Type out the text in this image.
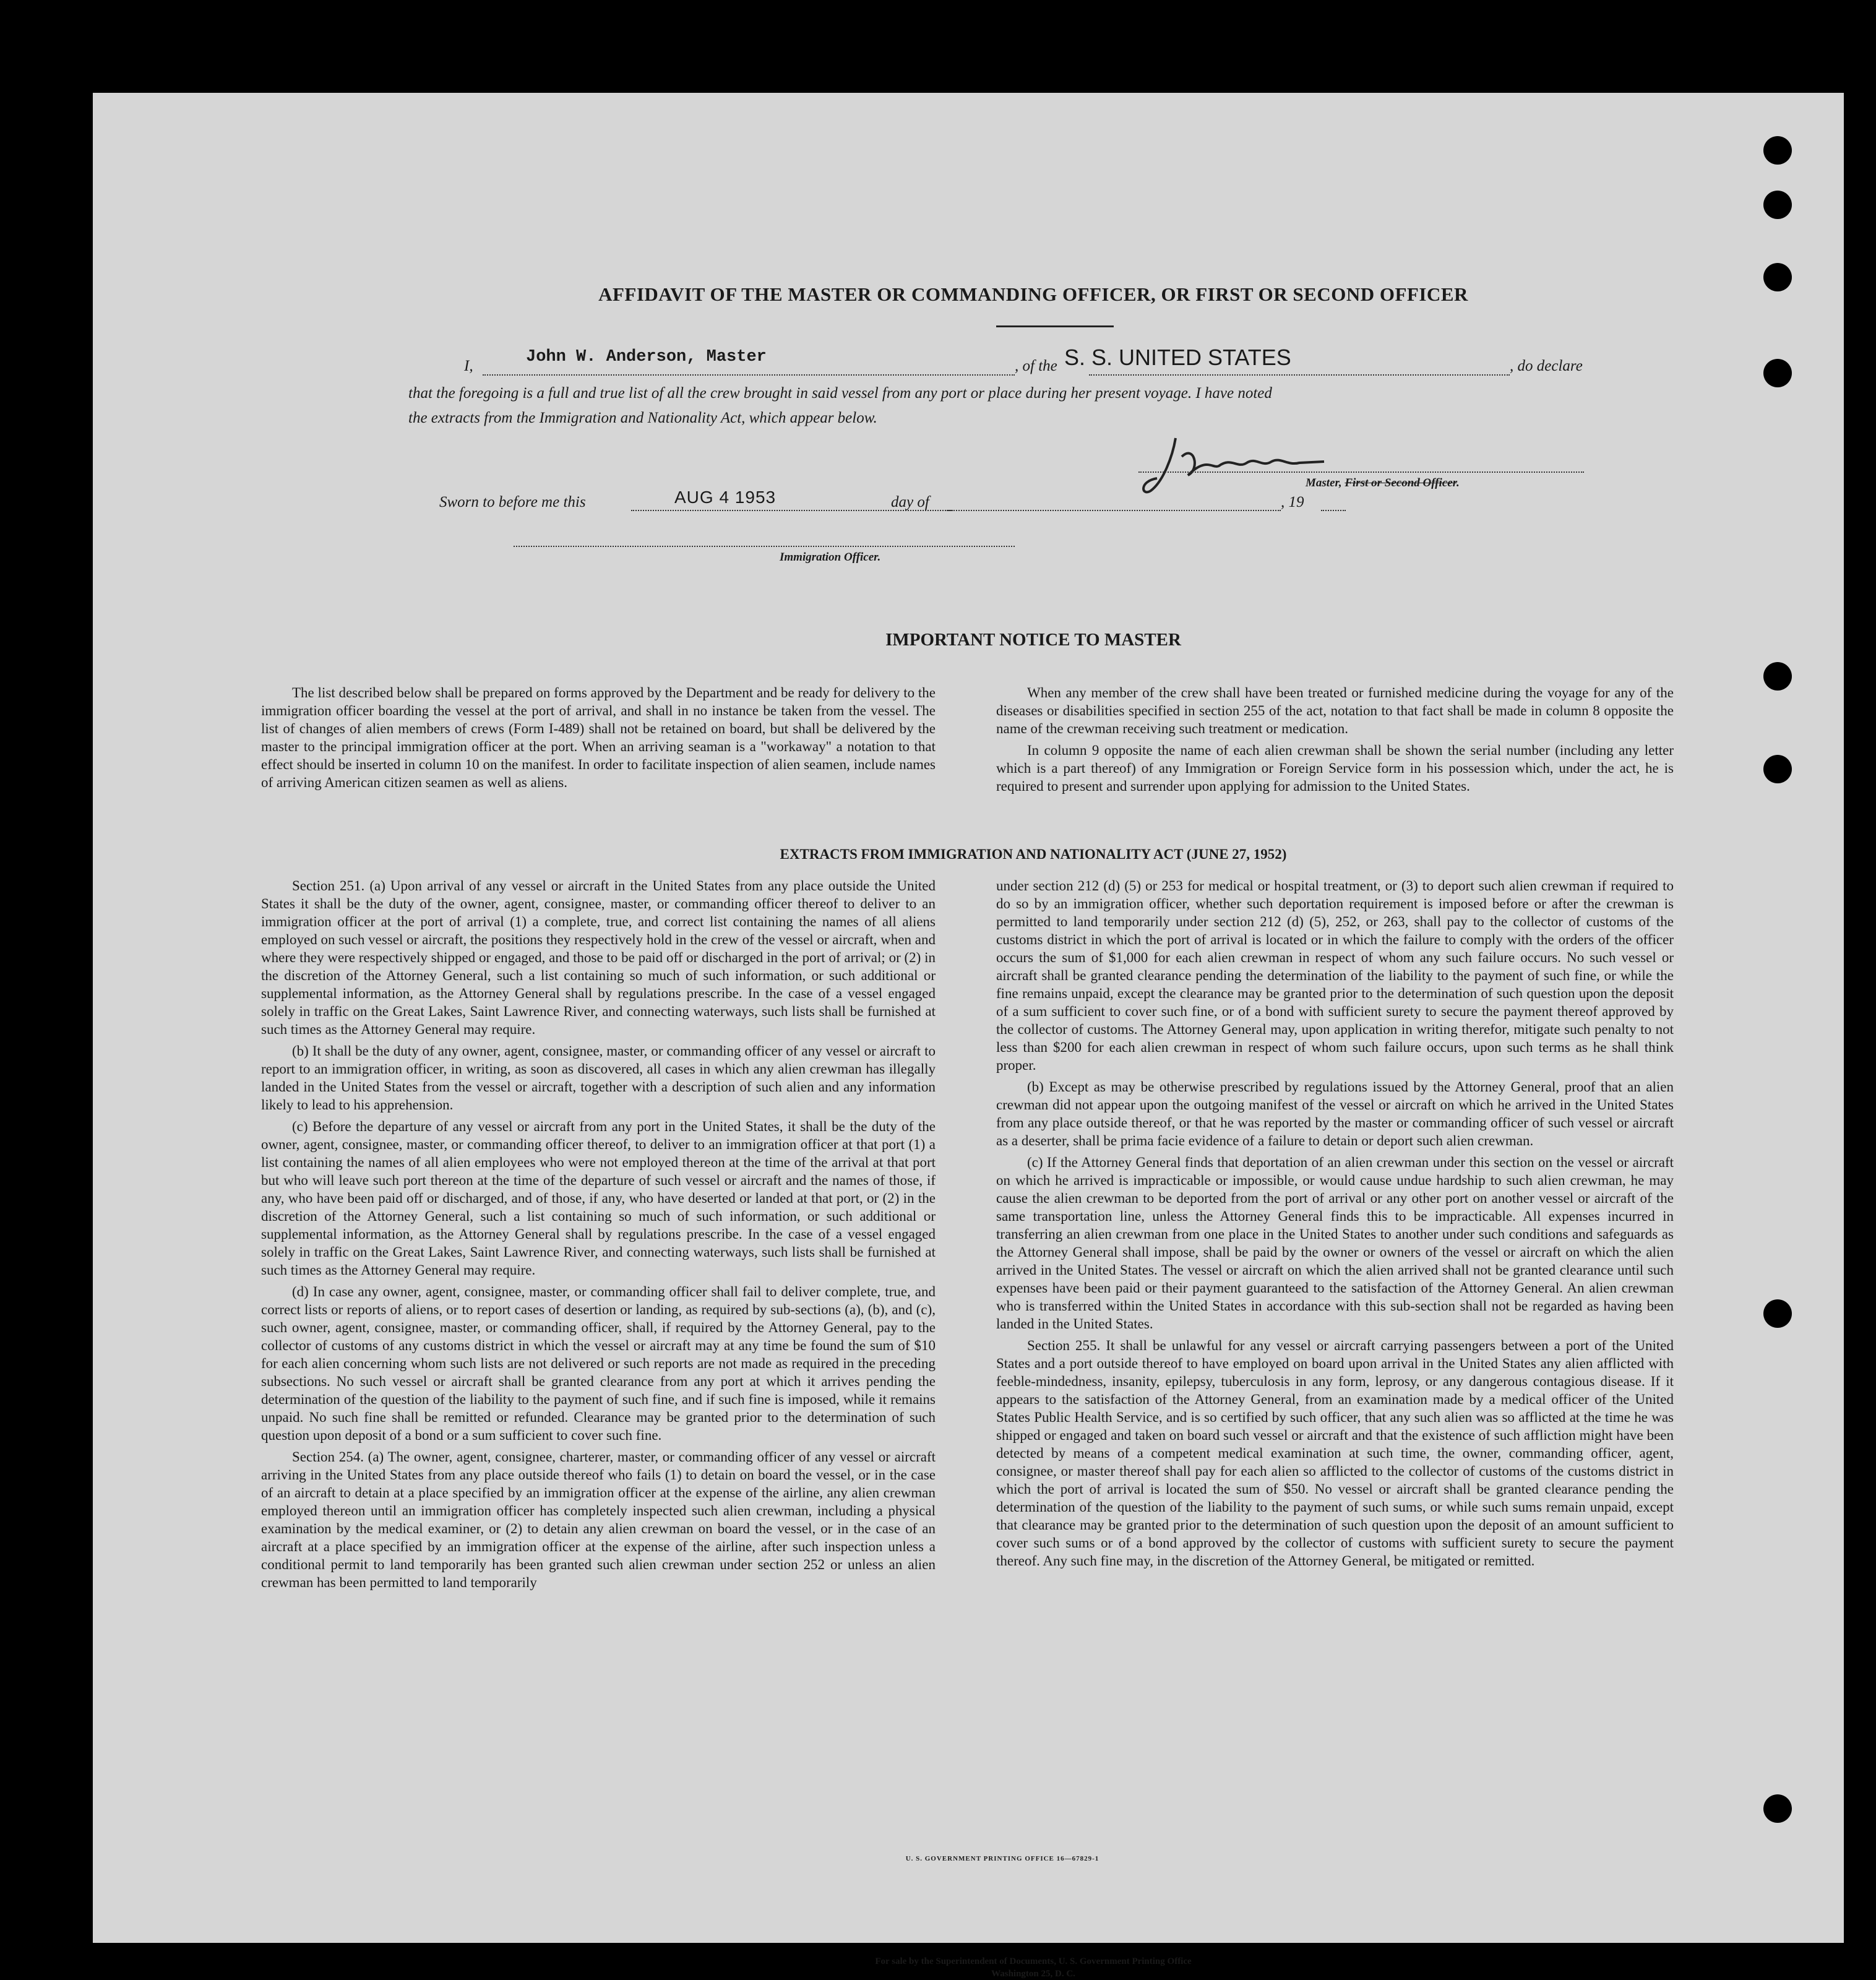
AFFIDAVIT OF THE MASTER OR COMMANDING OFFICER, OR FIRST OR SECOND OFFICER
I,	John W. Anderson, Master	, of the S. S. UNITED STATES	, do declare
that the foregoing is a full and true list of all the crew brought in said vessel from any port or place during her present voyage. I have noted
the extracts from the Immigration and Nationality Act, which appear below.
Master, First or Second Officer.
Sworn to before me this	AUG 4 1953	day of	, 19
Immigration Officer.
IMPORTANT NOTICE TO MASTER

The list described below shall be prepared on forms approved by the Department and be ready for delivery to the immigration officer boarding the vessel at the port of arrival, and shall in no instance be taken from the vessel. The list of changes of alien members of crews (Form I-489) shall not be retained on board, but shall be delivered by the master to the principal immigration officer at the port. When an arriving seaman is a "workaway" a notation to that effect should be inserted in column 10 on the manifest. In order to facilitate inspection of alien seamen, include names of arriving American citizen seamen as well as aliens.

When any member of the crew shall have been treated or furnished medicine during the voyage for any of the diseases or disabilities specified in section 255 of the act, notation to that fact shall be made in column 8 opposite the name of the crewman receiving such treatment or medication.

In column 9 opposite the name of each alien crewman shall be shown the serial number (including any letter which is a part thereof) of any Immigration or Foreign Service form in his possession which, under the act, he is required to present and surrender upon applying for admission to the United States.

EXTRACTS FROM IMMIGRATION AND NATIONALITY ACT (JUNE 27, 1952)

Section 251. (a) Upon arrival of any vessel or aircraft in the United States from any place outside the United States it shall be the duty of the owner, agent, consignee, master, or commanding officer thereof to deliver to an immigration officer at the port of arrival (1) a complete, true, and correct list containing the names of all aliens employed on such vessel or aircraft, the positions they respectively hold in the crew of the vessel or aircraft, when and where they were respectively shipped or engaged, and those to be paid off or discharged in the port of arrival; or (2) in the discretion of the Attorney General, such a list containing so much of such information, or such additional or supplemental information, as the Attorney General shall by regulations prescribe. In the case of a vessel engaged solely in traffic on the Great Lakes, Saint Lawrence River, and connecting waterways, such lists shall be furnished at such times as the Attorney General may require.

(b) It shall be the duty of any owner, agent, consignee, master, or commanding officer of any vessel or aircraft to report to an immigration officer, in writing, as soon as discovered, all cases in which any alien crewman has illegally landed in the United States from the vessel or aircraft, together with a description of such alien and any information likely to lead to his apprehension.

(c) Before the departure of any vessel or aircraft from any port in the United States, it shall be the duty of the owner, agent, consignee, master, or commanding officer thereof, to deliver to an immigration officer at that port (1) a list containing the names of all alien employees who were not employed thereon at the time of the arrival at that port but who will leave such port thereon at the time of the departure of such vessel or aircraft and the names of those, if any, who have been paid off or discharged, and of those, if any, who have deserted or landed at that port, or (2) in the discretion of the Attorney General, such a list containing so much of such information, or such additional or supplemental information, as the Attorney General shall by regulations prescribe. In the case of a vessel engaged solely in traffic on the Great Lakes, Saint Lawrence River, and connecting waterways, such lists shall be furnished at such times as the Attorney General may require.

(d) In case any owner, agent, consignee, master, or commanding officer shall fail to deliver complete, true, and correct lists or reports of aliens, or to report cases of desertion or landing, as required by sub-sections (a), (b), and (c), such owner, agent, consignee, master, or commanding officer, shall, if required by the Attorney General, pay to the collector of customs of any customs district in which the vessel or aircraft may at any time be found the sum of $10 for each alien concerning whom such lists are not delivered or such reports are not made as required in the preceding subsections. No such vessel or aircraft shall be granted clearance from any port at which it arrives pending the determination of the question of the liability to the payment of such fine, and if such fine is imposed, while it remains unpaid. No such fine shall be remitted or refunded. Clearance may be granted prior to the determination of such question upon deposit of a bond or a sum sufficient to cover such fine.

Section 254. (a) The owner, agent, consignee, charterer, master, or commanding officer of any vessel or aircraft arriving in the United States from any place outside thereof who fails (1) to detain on board the vessel, or in the case of an aircraft to detain at a place specified by an immigration officer at the expense of the airline, any alien crewman employed thereon until an immigration officer has completely inspected such alien crewman, including a physical examination by the medical examiner, or (2) to detain any alien crewman on board the vessel, or in the case of an aircraft at a place specified by an immigration officer at the expense of the airline, after such inspection unless a conditional permit to land temporarily has been granted such alien crewman under section 252 or unless an alien crewman has been permitted to land temporarily

under section 212 (d) (5) or 253 for medical or hospital treatment, or (3) to deport such alien crewman if required to do so by an immigration officer, whether such deportation requirement is imposed before or after the crewman is permitted to land temporarily under section 212 (d) (5), 252, or 263, shall pay to the collector of customs of the customs district in which the port of arrival is located or in which the failure to comply with the orders of the officer occurs the sum of $1,000 for each alien crewman in respect of whom any such failure occurs. No such vessel or aircraft shall be granted clearance pending the determination of the liability to the payment of such fine, or while the fine remains unpaid, except the clearance may be granted prior to the determination of such question upon the deposit of a sum sufficient to cover such fine, or of a bond with sufficient surety to secure the payment thereof approved by the collector of customs. The Attorney General may, upon application in writing therefor, mitigate such penalty to not less than $200 for each alien crewman in respect of whom such failure occurs, upon such terms as he shall think proper.

(b) Except as may be otherwise prescribed by regulations issued by the Attorney General, proof that an alien crewman did not appear upon the outgoing manifest of the vessel or aircraft on which he arrived in the United States from any place outside thereof, or that he was reported by the master or commanding officer of such vessel or aircraft as a deserter, shall be prima facie evidence of a failure to detain or deport such alien crewman.

(c) If the Attorney General finds that deportation of an alien crewman under this section on the vessel or aircraft on which he arrived is impracticable or impossible, or would cause undue hardship to such alien crewman, he may cause the alien crewman to be deported from the port of arrival or any other port on another vessel or aircraft of the same transportation line, unless the Attorney General finds this to be impracticable. All expenses incurred in transferring an alien crewman from one place in the United States to another under such conditions and safeguards as the Attorney General shall impose, shall be paid by the owner or owners of the vessel or aircraft on which the alien arrived in the United States. The vessel or aircraft on which the alien arrived shall not be granted clearance until such expenses have been paid or their payment guaranteed to the satisfaction of the Attorney General. An alien crewman who is transferred within the United States in accordance with this sub-section shall not be regarded as having been landed in the United States.

Section 255. It shall be unlawful for any vessel or aircraft carrying passengers between a port of the United States and a port outside thereof to have employed on board upon arrival in the United States any alien afflicted with feeble-mindedness, insanity, epilepsy, tuberculosis in any form, leprosy, or any dangerous contagious disease. If it appears to the satisfaction of the Attorney General, from an examination made by a medical officer of the United States Public Health Service, and is so certified by such officer, that any such alien was so afflicted at the time he was shipped or engaged and taken on board such vessel or aircraft and that the existence of such affliction might have been detected by means of a competent medical examination at such time, the owner, commanding officer, agent, consignee, or master thereof shall pay for each alien so afflicted to the collector of customs of the customs district in which the port of arrival is located the sum of $50. No vessel or aircraft shall be granted clearance pending the determination of the question of the liability to the payment of such sums, or while such sums remain unpaid, except that clearance may be granted prior to the determination of such question upon the deposit of an amount sufficient to cover such sums or of a bond approved by the collector of customs with sufficient surety to secure the payment thereof. Any such fine may, in the discretion of the Attorney General, be mitigated or remitted.

U. S. GOVERNMENT PRINTING OFFICE 16—67829-1
For sale by the Superintendent of Documents, U. S. Government Printing Office
Washington 25, D. C.
